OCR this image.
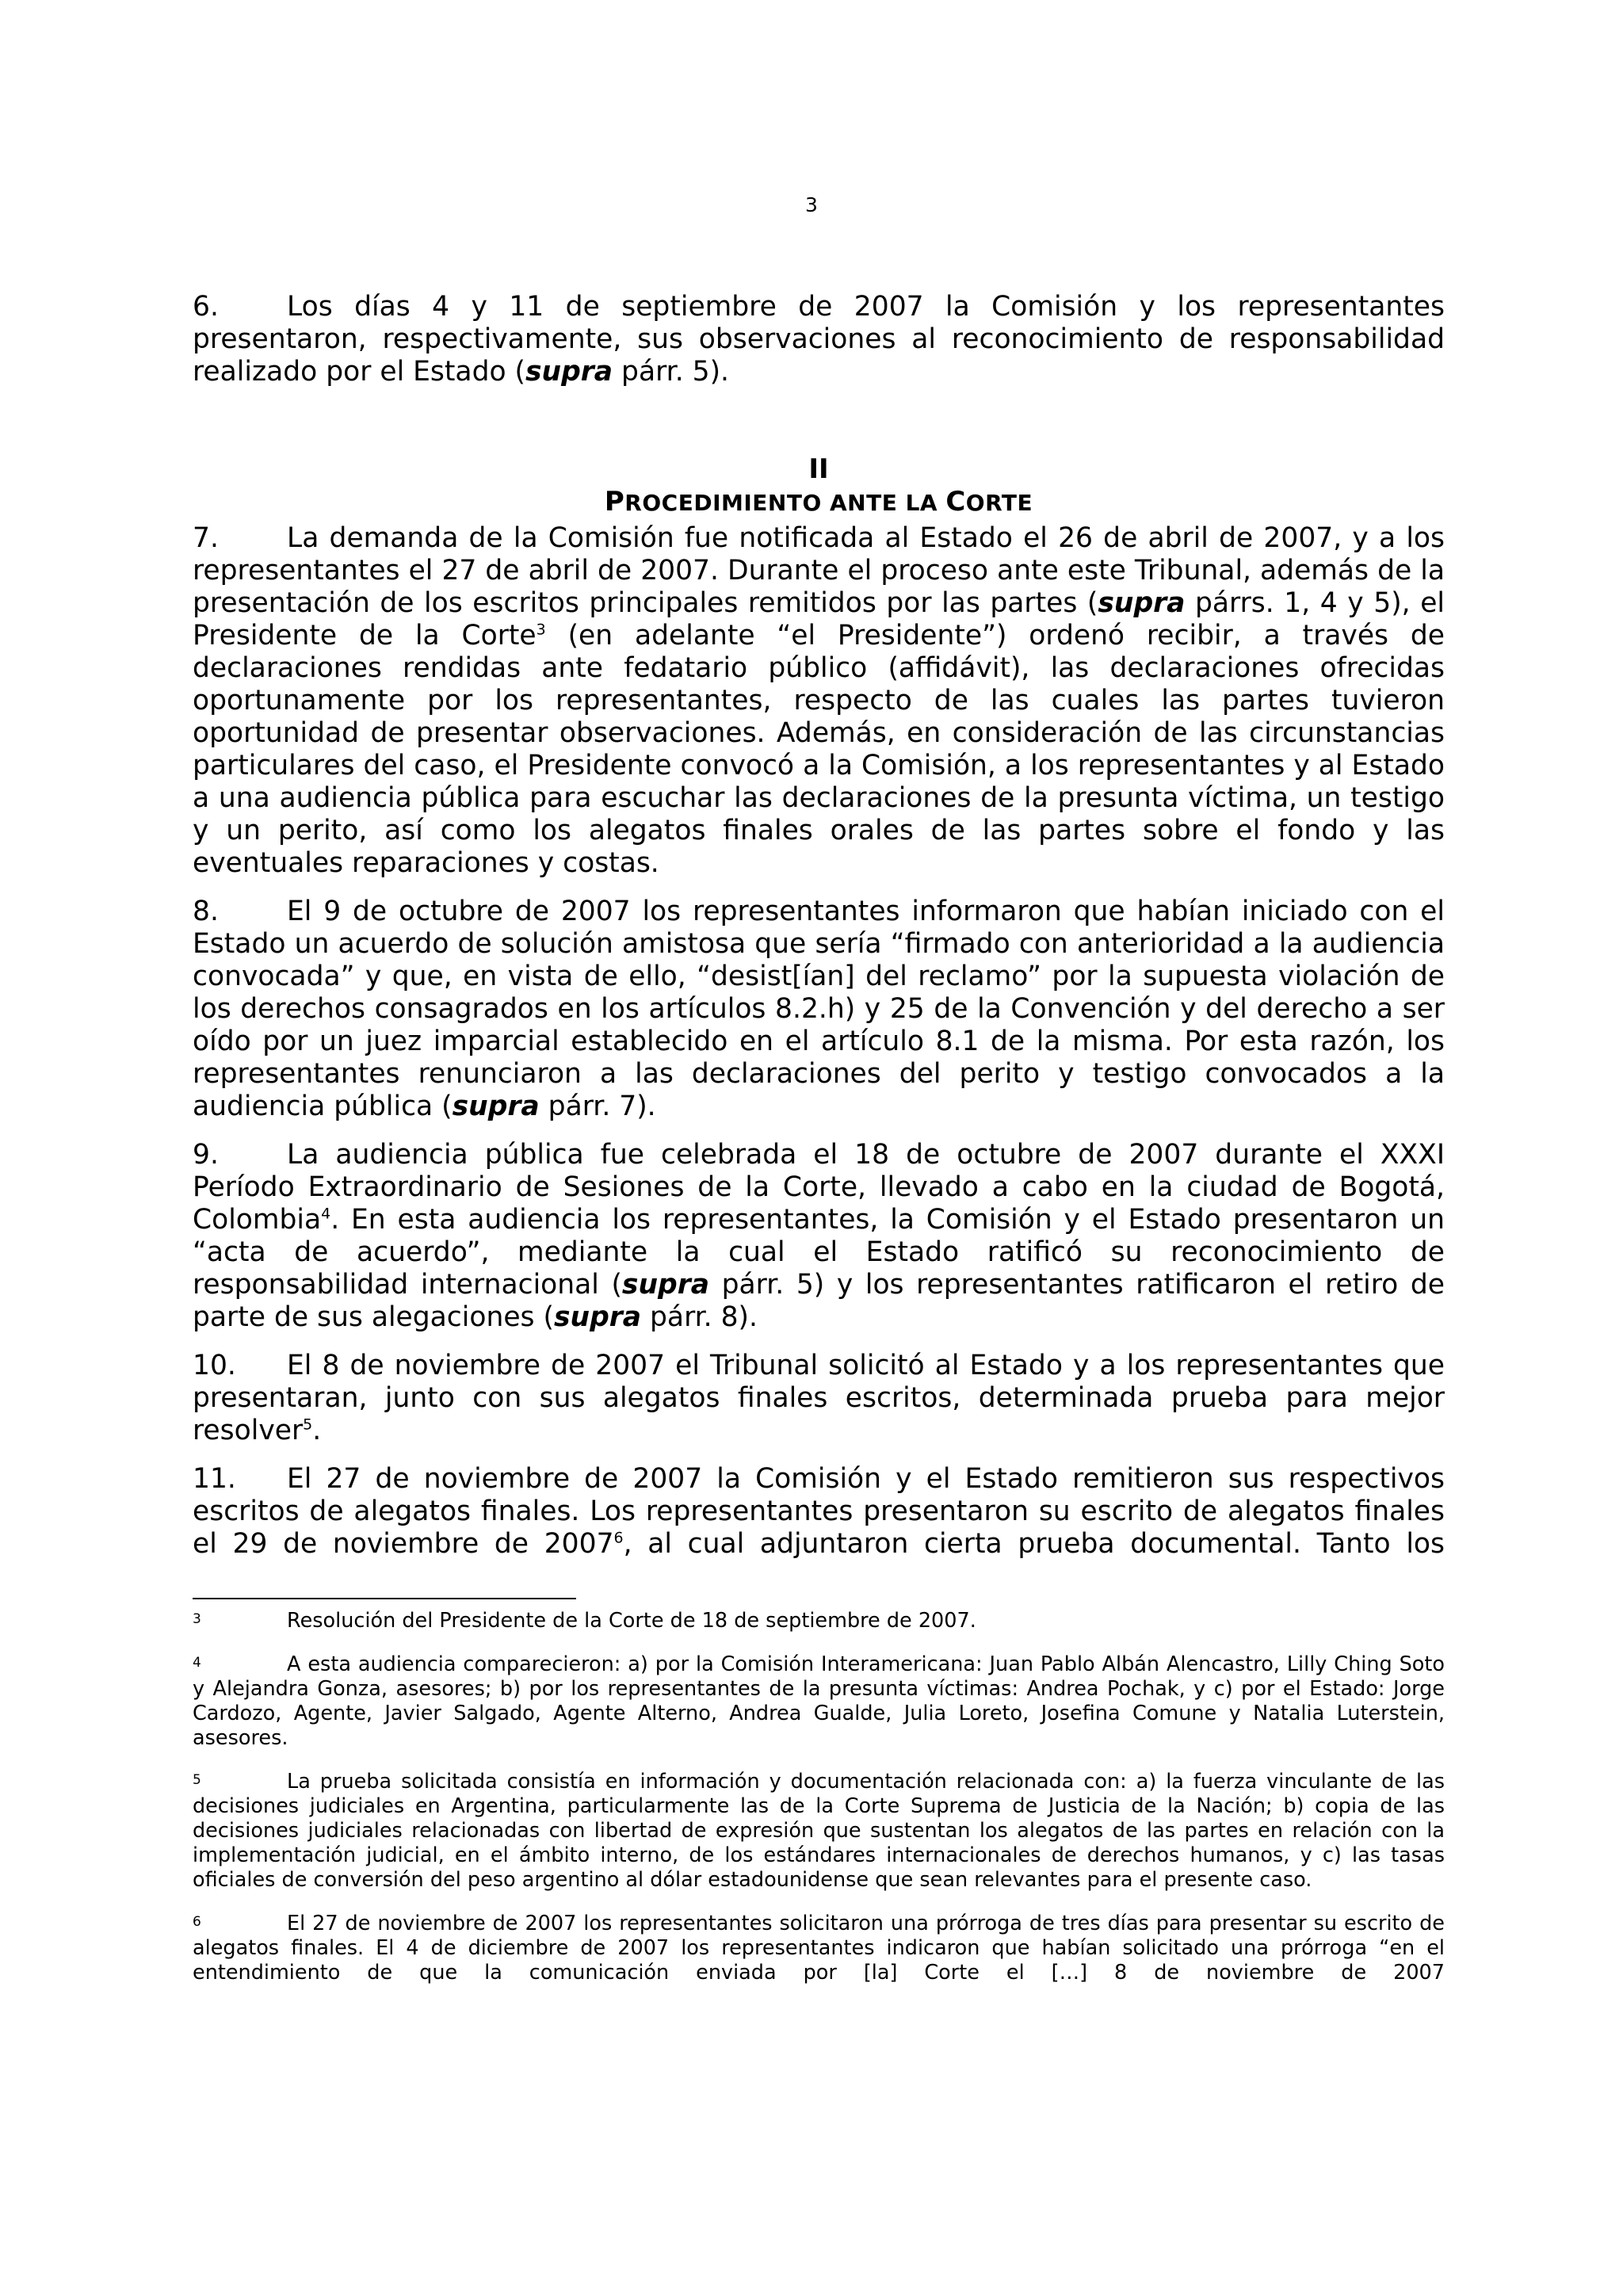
3

6. Los días 4 y 11 de septiembre de 2007 la Comisión y los representantes presentaron, respectivamente, sus observaciones al reconocimiento de responsabilidad realizado por el Estado (supra párr. 5).

II

PROCEDIMIENTO ANTE LA CORTE

7. La demanda de la Comisión fue notificada al Estado el 26 de abril de 2007, y a los representantes el 27 de abril de 2007. Durante el proceso ante este Tribunal, además de la presentación de los escritos principales remitidos por las partes (supra párrs. 1, 4 y 5), el Presidente de la Corte$^3$ (en adelante “el Presidente”) ordenó recibir, a través de declaraciones rendidas ante fedatario público (affidávit), las declaraciones ofrecidas oportunamente por los representantes, respecto de las cuales las partes tuvieron oportunidad de presentar observaciones. Además, en consideración de las circunstancias particulares del caso, el Presidente convocó a la Comisión, a los representantes y al Estado a una audiencia pública para escuchar las declaraciones de la presunta víctima, un testigo y un perito, así como los alegatos finales orales de las partes sobre el fondo y las eventuales reparaciones y costas.

8. El 9 de octubre de 2007 los representantes informaron que habían iniciado con el Estado un acuerdo de solución amistosa que sería “firmado con anterioridad a la audiencia convocada” y que, en vista de ello, “desist[ían] del reclamo” por la supuesta violación de los derechos consagrados en los artículos 8.2.h) y 25 de la Convención y del derecho a ser oído por un juez imparcial establecido en el artículo 8.1 de la misma. Por esta razón, los representantes renunciaron a las declaraciones del perito y testigo convocados a la audiencia pública (supra párr. 7).

9. La audiencia pública fue celebrada el 18 de octubre de 2007 durante el XXXI Período Extraordinario de Sesiones de la Corte, llevado a cabo en la ciudad de Bogotá, Colombia$^4$. En esta audiencia los representantes, la Comisión y el Estado presentaron un “acta de acuerdo”, mediante la cual el Estado ratificó su reconocimiento de responsabilidad internacional (supra párr. 5) y los representantes ratificaron el retiro de parte de sus alegaciones (supra párr. 8).

10. El 8 de noviembre de 2007 el Tribunal solicitó al Estado y a los representantes que presentaran, junto con sus alegatos finales escritos, determinada prueba para mejor resolver$^5$.

11. El 27 de noviembre de 2007 la Comisión y el Estado remitieron sus respectivos escritos de alegatos finales. Los representantes presentaron su escrito de alegatos finales el 29 de noviembre de 2007$^6$, al cual adjuntaron cierta prueba documental. Tanto los

3	Resolución del Presidente de la Corte de 18 de septiembre de 2007.

4	A esta audiencia comparecieron: a) por la Comisión Interamericana: Juan Pablo Albán Alencastro, Lilly Ching Soto y Alejandra Gonza, asesores; b) por los representantes de la presunta víctimas: Andrea Pochak, y c) por el Estado: Jorge Cardozo, Agente, Javier Salgado, Agente Alterno, Andrea Gualde, Julia Loreto, Josefina Comune y Natalia Luterstein, asesores.

5	La prueba solicitada consistía en información y documentación relacionada con: a) la fuerza vinculante de las decisiones judiciales en Argentina, particularmente las de la Corte Suprema de Justicia de la Nación; b) copia de las decisiones judiciales relacionadas con libertad de expresión que sustentan los alegatos de las partes en relación con la implementación judicial, en el ámbito interno, de los estándares internacionales de derechos humanos, y c) las tasas oficiales de conversión del peso argentino al dólar estadounidense que sean relevantes para el presente caso.

6	El 27 de noviembre de 2007 los representantes solicitaron una prórroga de tres días para presentar su escrito de alegatos finales. El 4 de diciembre de 2007 los representantes indicaron que habían solicitado una prórroga “en el entendimiento de que la comunicación enviada por [la] Corte el […] 8 de noviembre de 2007
